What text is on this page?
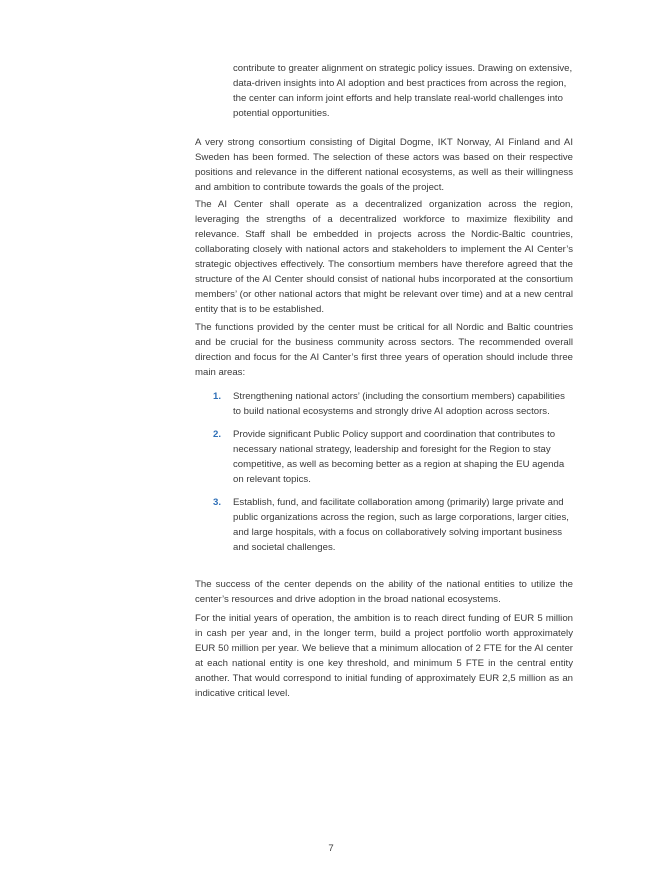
contribute to greater alignment on strategic policy issues. Drawing on extensive, data-driven insights into AI adoption and best practices from across the region, the center can inform joint efforts and help translate real-world challenges into potential opportunities.
A very strong consortium consisting of Digital Dogme, IKT Norway, AI Finland and AI Sweden has been formed. The selection of these actors was based on their respective positions and relevance in the different national ecosystems, as well as their willingness and ambition to contribute towards the goals of the project.
The AI Center shall operate as a decentralized organization across the region, leveraging the strengths of a decentralized workforce to maximize flexibility and relevance. Staff shall be embedded in projects across the Nordic-Baltic countries, collaborating closely with national actors and stakeholders to implement the AI Center’s strategic objectives effectively. The consortium members have therefore agreed that the structure of the AI Center should consist of national hubs incorporated at the consortium members’ (or other national actors that might be relevant over time) and at a new central entity that is to be established.
The functions provided by the center must be critical for all Nordic and Baltic countries and be crucial for the business community across sectors. The recommended overall direction and focus for the AI Canter’s first three years of operation should include three main areas:
1.	Strengthening national actors’ (including the consortium members) capabilities to build national ecosystems and strongly drive AI adoption across sectors.
2.	Provide significant Public Policy support and coordination that contributes to necessary national strategy, leadership and foresight for the Region to stay competitive, as well as becoming better as a region at shaping the EU agenda on relevant topics.
3.	Establish, fund, and facilitate collaboration among (primarily) large private and public organizations across the region, such as large corporations, larger cities, and large hospitals, with a focus on collaboratively solving important business and societal challenges.
The success of the center depends on the ability of the national entities to utilize the center’s resources and drive adoption in the broad national ecosystems.
For the initial years of operation, the ambition is to reach direct funding of EUR 5 million in cash per year and, in the longer term, build a project portfolio worth approximately EUR 50 million per year. We believe that a minimum allocation of 2 FTE for the AI center at each national entity is one key threshold, and minimum 5 FTE in the central entity another. That would correspond to initial funding of approximately EUR 2,5 million as an indicative critical level.
7
